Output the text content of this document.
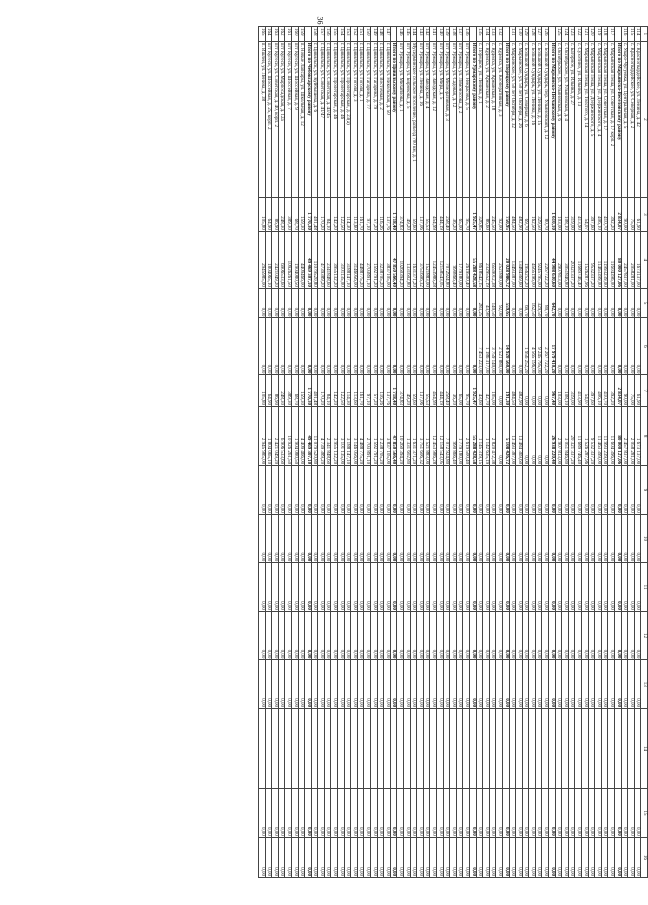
36
1	2	3	4	5	6	7	8	9	10	11	12	13	14	15	16
114	с. Красногвардейское, ул. Ленина, д. 42	61,90	1673137,00	0,00	0,00	61,90	1 673 137,00	0,00	0,00	0,00	0,00	0,00		0,00	0,00
115	с. Красногвардейское, ул. Северная, д. 2	75,00	2058281,00	0,00	0,00	75,00	2 058 281,00	0,00	0,00	0,00	0,00	0,00		0,00	0,00
116	с. Уваро-Чугуевка, ул. Центральная, д. 5	90,00	2457837,00	0,00	0,00	90,00	2 457 837,00	0,00	0,00	0,00	0,00	0,00		0,00	0,00
	Итого по Марьянско-Веселовскому району	2 834,07	80 000 127,06	0,00	0,00	2 834,07	80 000 127,06	0,00	0,00	0,00	0,00	0,00		0,00	0,00
117	с. Марьянская Пеша, ул. Советская, д. 17 корп. 2	392,20	11604396,00	0,00	0,00	392,20	11 604 396,00	0,00	0,00	0,00	0,00	0,00		0,00	0,00
118	с. Марьянская Пеша, ул. Советская, д. 17	410,70	11993239,00	0,00	0,00	410,70	11 993 239,00	0,00	0,00	0,00	0,00	0,00		0,00	0,00
119	с. Марьянская Пеша, ул. Дзержинского, д. 4	406,10	11463399,00	0,00	0,00	406,10	11 463 399,00	0,00	0,00	0,00	0,00	0,00		0,00	0,00
120	с. Марьянская Пеша, ул. Дзержинского, д. 5	397,60	9532337,20	0,00	0,00	397,60	9 532 337,20	0,00	0,00	0,00	0,00	0,00		0,00	0,00
121	с. Марьянская Пеша, ул. Толстого, д. 14	54,07	1526287,96	0,00	0,00	54,07	1 526 287,96	0,00	0,00	0,00	0,00	0,00		0,00	0,00
122	с. Сухотино, ул. Ильина, д. 13	413,90	11689746,40	0,00	0,00	413,90	11 689 746,40	0,00	0,00	0,00	0,00	0,00		0,00	0,00
123	с. Багорное, ул. Ильина, д. 27	319,00	20321337,20	0,00	0,00	319,00	20 321 337,20	0,00	0,00	0,00	0,00	0,00		0,00	0,00
124	с. Октябрьское, ул. Ульяновская, д. 4	108,10	3051846,80	0,00	0,00	108,10	3 051 846,80	0,00	0,00	0,00	0,00	0,00		0,00	0,00
125	с. Октябрьское, ул. Ульяновская, д. 6	103,00	2907813,00	0,00	0,00	103,00	2 907 813,00	0,00	0,00	0,00	0,00	0,00		0,00	0,00
	Итого по Марьянско-Песчанскому району	1 610,10	44 908 630,60	642,70	17 979 410,20	967,40	26 938 220,40	0,00	0,00	0,00	0,00	0,00		0,00	0,00
126	с. Большой Сундырь, пер. Ульяновский, д. 12	80,70	2267722,20	80,70	2 267 722,20	0,00	0,00	0,00	0,00	0,00	0,00	0,00		0,00	0,00
127	с. Большой Сундырь, ул. Ленина, д. 15	329,50	9245795,00	329,50	9 245 795,00	0,00	0,00	0,00	0,00	0,00	0,00	0,00		0,00	0,00
128	с. Большой Сундырь, ул. Ленина, д. 16	162,50	4565196,00	162,50	4 565 196,00	0,00	0,00	0,00	0,00	0,00	0,00	0,00		0,00	0,00
129	с. Большой Сундырь, ул. Северная, д. 6	69,70	1956252,20	69,70	1 956 252,20	0,00	0,00	0,00	0,00	0,00	0,00	0,00		0,00	0,00
130	с. Марьинское, ул. 50 лет Октября, д. 26	482,90	13484369,60	0,00	0,00	482,90	13 484 369,60	0,00	0,00	0,00	0,00	0,00		0,00	0,00
131	с. Марьинское, ул. 50 лет Октября, д. 32	484,50	13493387,00	0,00	0,00	484,50	13 493 387,00	0,00	0,00	0,00	0,00	0,00		0,00	0,00
	Итого по Порецкому району	750,95	20 028 986,72	559,65	14 920 560,00	191,30	5 108 426,72	0,00	0,00	0,00	0,00	0,00		0,00	0,00
132	с. Кудеиха, ул. Кооперативная, д. 3	92,00	2521880,00	92,00	2 521 880,00	0,00	0,00	0,00	0,00	0,00	0,00	0,00		0,00	0,00
133	с. Кудеиха, ул. Арманская, д. 18	245,50	6559012,38	140,50	3 759 140,00	105,00	2 820 472,38	0,00	0,00	0,00	0,00	0,00		0,00	0,00
134	с. Кудеиха, ул. Арманская, д. 2	86,60	2329552,19	43,90	1 186 317,00	42,70	1 142 635,19	0,00	0,00	0,00	0,00	0,00		0,00	0,00
135	с. Порецкое, ул. Ленина, д. 1	326,85	8618542,15	283,25	7 453 223,00	43,60	1 145 319,15	0,00	0,00	0,00	0,00	0,00		0,00	0,00
	Итого по Урмарскому району	1 925,47	55 288 428,58	0,00	0,00	1 925,47	55 288 428,58	0,00	0,00	0,00	0,00	0,00		0,00	0,00
136	пгт Урмары, ул. Некрасова, д. 5	95,70	2619500,40	0,00	0,00	95,70	2 619 500,40	0,00	0,00	0,00	0,00	0,00		0,00	0,00
137	пгт Урмары, ул. Ломоносова, д. 2	65,00	1779180,00	0,00	0,00	65,00	1 779 180,00	0,00	0,00	0,00	0,00	0,00		0,00	0,00
138	пгт Урмары, ул. Садовая, д. 12	36,20	990866,40	0,00	0,00	36,20	990 866,40	0,00	0,00	0,00	0,00	0,00		0,00	0,00
139	пгт Урмары, ул. Мелиоративная, д. 3	258,40	7072924,80	0,00	0,00	258,40	7 072 924,80	0,00	0,00	0,00	0,00	0,00		0,00	0,00
140	пгт Урмары, ул. Мира, д. 5	444,19	12158543,05	0,00	0,00	444,19	12 158 543,05	0,00	0,00	0,00	0,00	0,00		0,00	0,00
141	пгт Урмары, ул. Заводская, д. 12	454,99	12453986,28	0,00	0,00	454,99	12 453 986,28	0,00	0,00	0,00	0,00	0,00		0,00	0,00
142	пгт Урмары, ул. Заводская, д. 4	55,53	1521883,00	0,00	0,00	55,53	1 521 883,00	0,00	0,00	0,00	0,00	0,00		0,00	0,00
143	пгт Урмары, ул. Ленина, д. 16	137,06	3751606,32	0,00	0,00	137,06	3 751 606,32	0,00	0,00	0,00	0,00	0,00		0,00	0,00
144	Мусирминское сельское поселение, разъезд 700 км, д. 1	59,60	1631371,20	0,00	0,00	59,60	1 631 371,20	0,00	0,00	0,00	0,00	0,00		0,00	0,00
145	пгт Урмары, ул. Бирюкова, д. 5	49,20	1331602,80	0,00	0,00	49,20	1 331 602,80	0,00	0,00	0,00	0,00	0,00		0,00	0,00
146	пгт Урмары, ул. Михайлова, д. 1	374,83	10260394,20	0,00	0,00	374,83	10 260 394,20	0,00	0,00	0,00	0,00	0,00		0,00	0,00
	Итого по Цивильскому району	1 718,40	47 850 566,40	0,00	0,00	1 718,40	47 850 566,40	0,00	0,00	0,00	0,00	0,00		0,00	0,00
147	г. Цивильск, ул. Никольская, д. 50	137,76	3837105,00	0,00	0,00	137,76	3 837 105,00	0,00	0,00	0,00	0,00	0,00		0,00	0,00
148	г. Цивильск, ул. Восточная, д. 2	116,26	3238705,20	0,00	0,00	116,26	3 238 705,20	0,00	0,00	0,00	0,00	0,00		0,00	0,00
149	г. Цивильск, ул. Гагарина, д. 79	57,20	1592791,20	0,00	0,00	57,20	1 592 791,20	0,00	0,00	0,00	0,00	0,00		0,00	0,00
150	г. Цивильск, ул. Гагарина, д. 77	97,10	2703891,10	0,00	0,00	97,10	2 703 891,10	0,00	0,00	0,00	0,00	0,00		0,00	0,00
151	г. Цивильск, ул. Гоголя, д. 1	161,70	4488775,20	0,00	0,00	161,70	4 488 775,20	0,00	0,00	0,00	0,00	0,00		0,00	0,00
152	г. Цивильск, ул. Гоголя, д. 3	113,60	3146056,00	0,00	0,00	113,60	3 146 056,00	0,00	0,00	0,00	0,00	0,00		0,00	0,00
153	г. Цивильск, ул. Пролетарская, д. 23(а)	114,30	3188147,10	0,00	0,00	114,30	3 188 147,10	0,00	0,00	0,00	0,00	0,00		0,00	0,00
154	г. Цивильск, ул. Пролетарская, д. 46	122,50	3101135,00	0,00	0,00	122,50	3 101 135,00	0,00	0,00	0,00	0,00	0,00		0,00	0,00
155	г. Цивильск, ул. Пролетарская, д. 46	142,20	3955132,20	0,00	0,00	142,20	3 955 132,20	0,00	0,00	0,00	0,00	0,00		0,00	0,00
156	г. Цивильск, ул. Советская, д. 43/45	84,10	2341848,60	0,00	0,00	84,10	2 341 848,60	0,00	0,00	0,00	0,00	0,00		0,00	0,00
157	г. Цивильск, ул. Советская, д. 41/47	170,20	4739389,20	0,00	0,00	170,20	4 739 389,20	0,00	0,00	0,00	0,00	0,00		0,00	0,00
158	г. Цивильск, ул. Куйбышева, д. 6	401,48	11079520,80	0,00	0,00	401,48	11 079 520,80	0,00	0,00	0,00	0,00	0,00		0,00	0,00
	Итого по Чебоксарскому району	1 770,30	49 469 307,10	0,00	0,00	1 770,30	49 469 307,10	0,00	0,00	0,00	0,00	0,00		0,00	0,00
159	п. Новые Лапсары, ул. Школьная, д. 12	159,30	4409466,00	0,00	0,00	159,30	4 409 466,00	0,00	0,00	0,00	0,00	0,00		0,00	0,00
160	пгт Кугеси, ул. Шоссейная, д. 9	68,70	1904080,50	0,00	0,00	68,70	1 904 080,50	0,00	0,00	0,00	0,00	0,00		0,00	0,00
161	пгт Кугеси, ул. Шоссейная, д. 7	389,30	10926261,50	0,00	0,00	389,30	10 926 261,50	0,00	0,00	0,00	0,00	0,00		0,00	0,00
162	пгт Кугеси, ул. Марпосадская, д. 12а	248,30	6906533,60	0,00	0,00	248,30	6 906 533,60	0,00	0,00	0,00	0,00	0,00		0,00	0,00
163	пгт Кугеси, ул. Советская, д. 40, корп. 2	86,90	2421049,20	0,00	0,00	86,90	2 421 049,20	0,00	0,00	0,00	0,00	0,00		0,00	0,00
164	пгт Кугеси, ул. Шоссейная, д. 25, корп. 2	64,90	1804065,10	0,00	0,00	64,90	1 804 065,10	0,00	0,00	0,00	0,00	0,00		0,00	0,00
165	п. Ишлеи, ул. Ленина, д. 38	105,80	2945985,00	0,00	0,00	105,80	2 945 985,00	0,00	0,00	0,00	0,00	0,00		0,00	0,00
